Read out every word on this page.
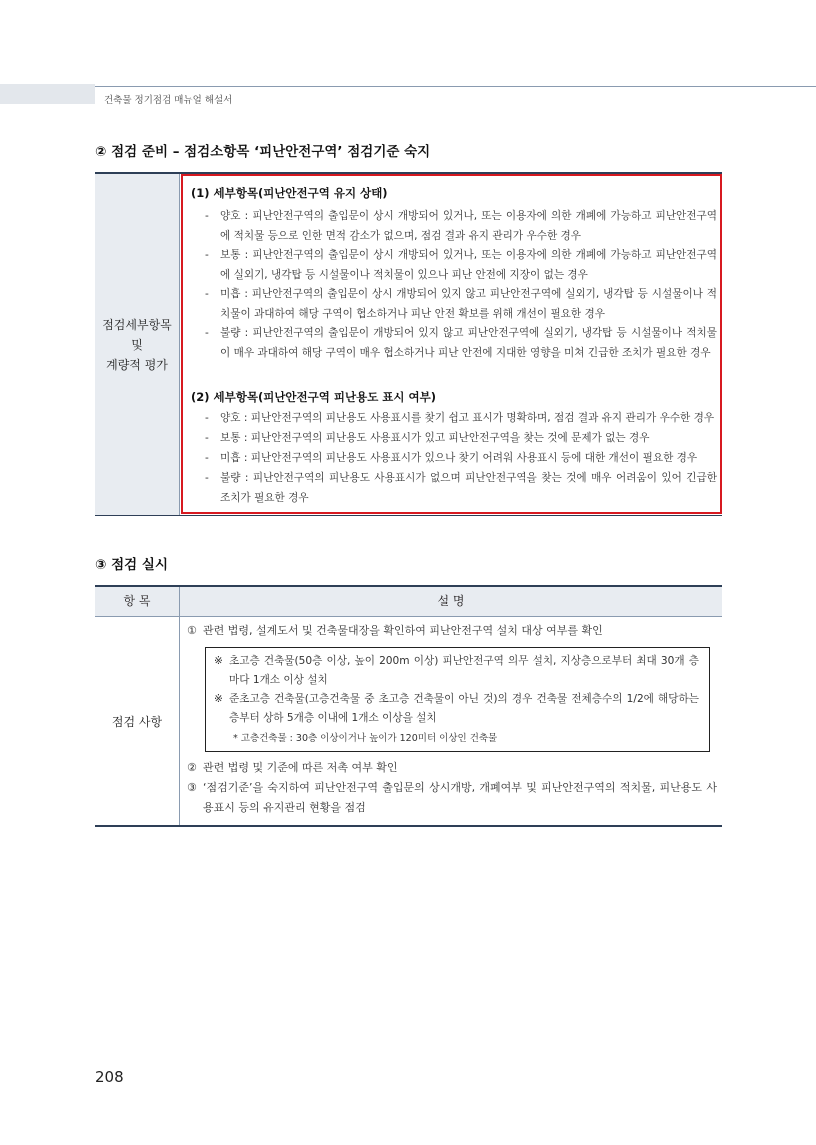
건축물 정기점검 매뉴얼 해설서
② 점검 준비 – 점검소항목 ‘피난안전구역’ 점검기준 숙지
점검세부항목
및
계량적 평가
(1) 세부항목(피난안전구역 유지 상태)
-	양호 : 피난안전구역의 출입문이 상시 개방되어 있거나, 또는 이용자에 의한 개폐에 가능하고 피난안전구역에 적치물 등으로 인한 면적 감소가 없으며, 점검 결과 유지 관리가 우수한 경우
-	보통 : 피난안전구역의 출입문이 상시 개방되어 있거나, 또는 이용자에 의한 개폐에 가능하고 피난안전구역에 실외기, 냉각탑 등 시설물이나 적치물이 있으나 피난 안전에 지장이 없는 경우
-	미흡 : 피난안전구역의 출입문이 상시 개방되어 있지 않고 피난안전구역에 실외기, 냉각탑 등 시설물이나 적치물이 과대하여 해당 구역이 협소하거나 피난 안전 확보를 위해 개선이 필요한 경우
-	불량 : 피난안전구역의 출입문이 개방되어 있지 않고 피난안전구역에 실외기, 냉각탑 등 시설물이나 적치물이 매우 과대하여 해당 구역이 매우 협소하거나 피난 안전에 지대한 영향을 미쳐 긴급한 조치가 필요한 경우
(2) 세부항목(피난안전구역 피난용도 표시 여부)
-	양호 : 피난안전구역의 피난용도 사용표시를 찾기 쉽고 표시가 명확하며, 점검 결과 유지 관리가 우수한 경우
-	보통 : 피난안전구역의 피난용도 사용표시가 있고 피난안전구역을 찾는 것에 문제가 없는 경우
-	미흡 : 피난안전구역의 피난용도 사용표시가 있으나 찾기 어려워 사용표시 등에 대한 개선이 필요한 경우
-	불량 : 피난안전구역의 피난용도 사용표시가 없으며 피난안전구역을 찾는 것에 매우 어려움이 있어 긴급한 조치가 필요한 경우
③ 점검 실시
항 목	설 명
점검 사항
① 관련 법령, 설계도서 및 건축물대장을 확인하여 피난안전구역 설치 대상 여부를 확인
※ 초고층 건축물(50층 이상, 높이 200m 이상) 피난안전구역 의무 설치, 지상층으로부터 최대 30개 층마다 1개소 이상 설치
※ 준초고층 건축물(고층건축물 중 초고층 건축물이 아닌 것)의 경우 건축물 전체층수의 1/2에 해당하는 층부터 상하 5개층 이내에 1개소 이상을 설치
* 고층건축물 : 30층 이상이거나 높이가 120미터 이상인 건축물
② 관련 법령 및 기준에 따른 저촉 여부 확인
③ ‘점검기준’을 숙지하여 피난안전구역 출입문의 상시개방, 개폐여부 및 피난안전구역의 적치물, 피난용도 사용표시 등의 유지관리 현황을 점검
208
